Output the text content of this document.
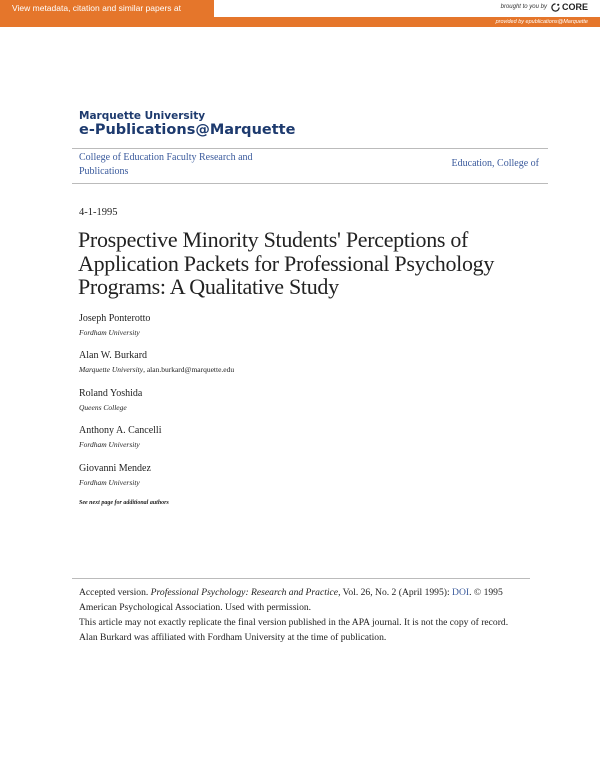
View metadata, citation and similar papers at	brought to you by CORE
provided by epublications@Marquette
Marquette University
e-Publications@Marquette
College of Education Faculty Research and
Publications
Education, College of
4-1-1995
Prospective Minority Students' Perceptions of
Application Packets for Professional Psychology
Programs: A Qualitative Study
Joseph Ponterotto
Fordham University
Alan W. Burkard
Marquette University, alan.burkard@marquette.edu
Roland Yoshida
Queens College
Anthony A. Cancelli
Fordham University
Giovanni Mendez
Fordham University
See next page for additional authors

Accepted version. Professional Psychology: Research and Practice, Vol. 26, No. 2 (April 1995): DOI. © 1995 American Psychological Association. Used with permission.

This article may not exactly replicate the final version published in the APA journal. It is not the copy of record.

Alan Burkard was affiliated with Fordham University at the time of publication.
